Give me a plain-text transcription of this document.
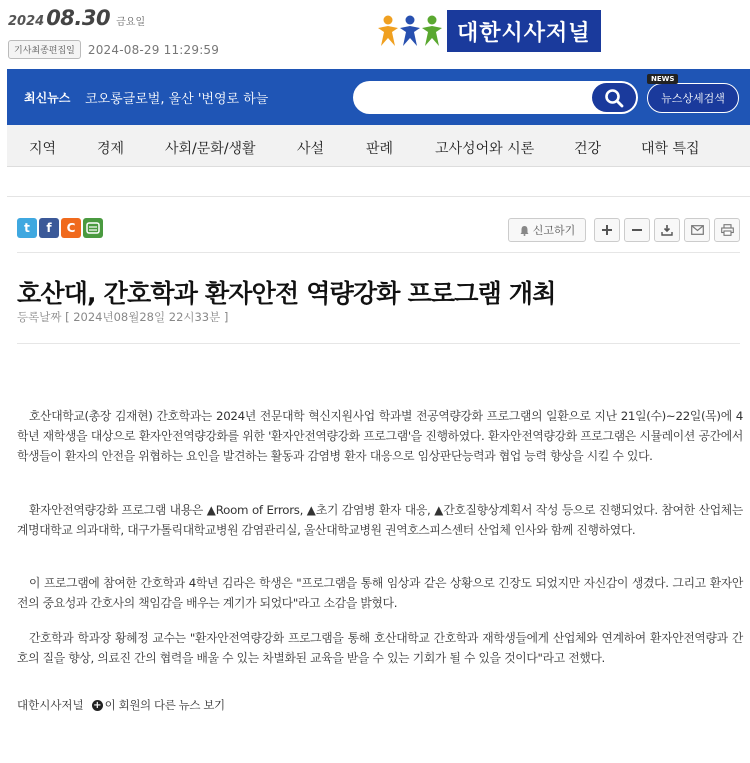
2024 08.30 금요일
기사최종편집일	2024-08-29 11:29:59
대한시사저널
최신뉴스 코오롱글로벌, 울산 '번영로 하늘
NEWS
뉴스상세검색
지역	경제	사회/문화/생활	사설	판례	고사성어와 시론	건강	대학 특집
t f C	신고하기
호산대, 간호학과 환자안전 역량강화 프로그램 개최
등록날짜 [ 2024년08월28일 22시33분 ]

호산대학교(총장 김재현) 간호학과는 2024년 전문대학 혁신지원사업 학과별 전공역량강화 프로그램의 일환으로 지난 21일(수)~22일(목)에 4학년 재학생을 대상으로 환자안전역량강화를 위한 '환자안전역량강화 프로그램'을 진행하였다. 환자안전역량강화 프로그램은 시뮬레이션 공간에서 학생들이 환자의 안전을 위협하는 요인을 발견하는 활동과 감염병 환자 대응으로 임상판단능력과 협업 능력 향상을 시킬 수 있다.

환자안전역량강화 프로그램 내용은 ▲Room of Errors, ▲초기 감염병 환자 대응, ▲간호질향상계획서 작성 등으로 진행되었다. 참여한 산업체는 계명대학교 의과대학, 대구가톨릭대학교병원 감염관리실, 울산대학교병원 권역호스피스센터 산업체 인사와 함께 진행하였다.

이 프로그램에 참여한 간호학과 4학년 김라은 학생은 "프로그램을 통해 임상과 같은 상황으로 긴장도 되었지만 자신감이 생겼다. 그리고 환자안전의 중요성과 간호사의 책임감을 배우는 계기가 되었다"라고 소감을 밝혔다.

간호학과 학과장 황혜정 교수는 "환자안전역량강화 프로그램을 통해 호산대학교 간호학과 재학생들에게 산업체와 연계하여 환자안전역량과 간호의 질을 향상, 의료진 간의 협력을 배울 수 있는 차별화된 교육을 받을 수 있는 기회가 될 수 있을 것이다"라고 전했다.

대한시사저널 + 이 회원의 다른 뉴스 보기
